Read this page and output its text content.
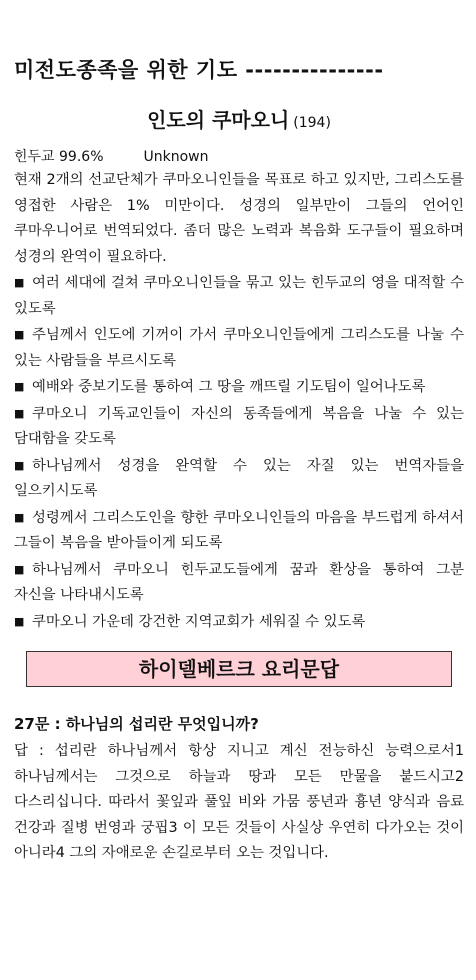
미전도종족을 위한 기도 ---------------
인도의 쿠마오니 (194)
힌두교 99.6%	Unknown
현재 2개의 선교단체가 쿠마오니인들을 목표로 하고 있지만, 그리스도를 영접한 사람은 1% 미만이다. 성경의 일부만이 그들의 언어인 쿠마우니어로 번역되었다. 좀더 많은 노력과 복음화 도구들이 필요하며 성경의 완역이 필요하다.
■ 여러 세대에 걸쳐 쿠마오니인들을 묶고 있는 힌두교의 영을 대적할 수 있도록
■ 주님께서 인도에 기꺼이 가서 쿠마오니인들에게 그리스도를 나눌 수 있는 사람들을 부르시도록
■ 예배와 중보기도를 통하여 그 땅을 깨뜨릴 기도팀이 일어나도록
■ 쿠마오니 기독교인들이 자신의 동족들에게 복음을 나눌 수 있는 담대함을 갖도록
■ 하나님께서 성경을 완역할 수 있는 자질 있는 번역자들을 일으키시도록
■ 성령께서 그리스도인을 향한 쿠마오니인들의 마음을 부드럽게 하셔서 그들이 복음을 받아들이게 되도록
■ 하나님께서 쿠마오니 힌두교도들에게 꿈과 환상을 통하여 그분 자신을 나타내시도록
■ 쿠마오니 가운데 강건한 지역교회가 세워질 수 있도록
하이델베르크 요리문답
27문 : 하나님의 섭리란 무엇입니까?
답 : 섭리란 하나님께서 항상 지니고 계신 전능하신 능력으로서1 하나님께서는 그것으로 하늘과 땅과 모든 만물을 붙드시고2 다스리십니다. 따라서 꽃잎과 풀잎 비와 가뭄 풍년과 흉년 양식과 음료 건강과 질병 번영과 궁핍3 이 모든 것들이 사실상 우연히 다가오는 것이 아니라4 그의 자애로운 손길로부터 오는 것입니다.
